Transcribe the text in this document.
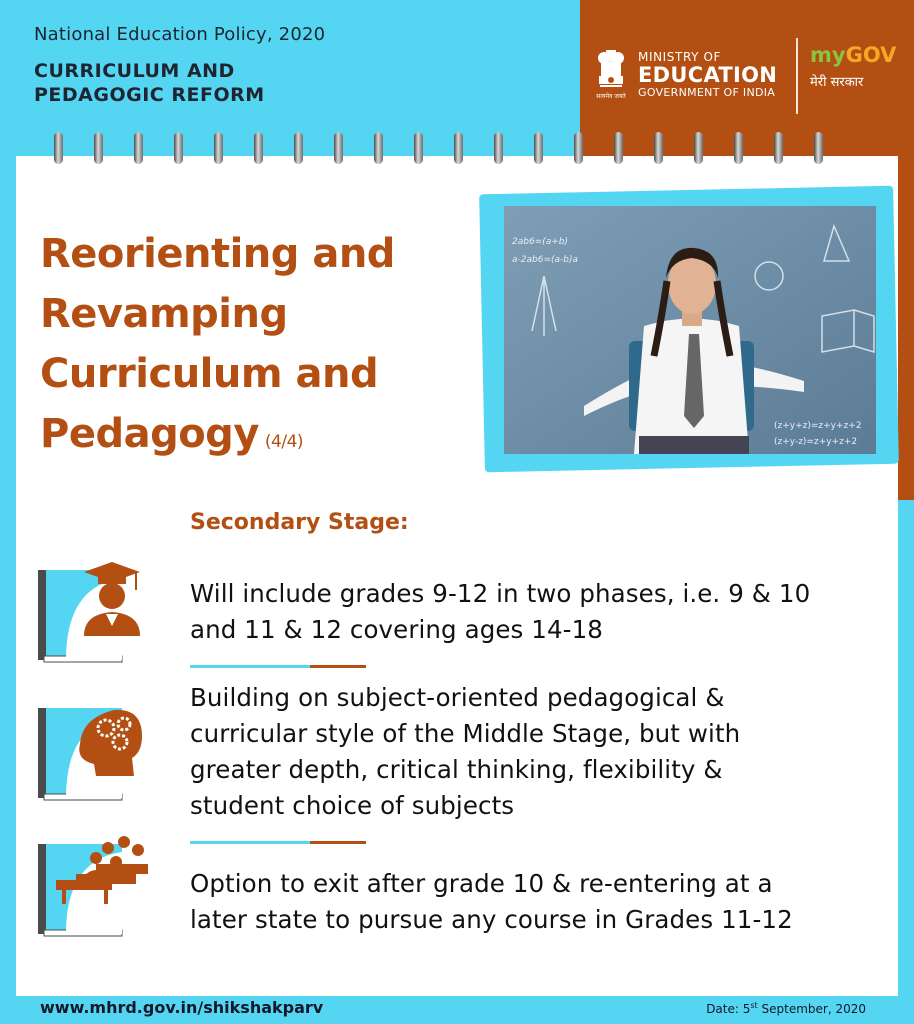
National Education Policy, 2020
CURRICULUM AND
PEDAGOGIC REFORM	सत्यमेव जयते
MINISTRY OF
EDUCATION
GOVERNMENT OF INDIA
myGOV
मेरी सरकार
Reorienting and
Revamping
Curriculum and
Pedagogy (4/4)
2ab6=(a+b)
a-2ab6=(a-b)a
(z+y+z)=z+y+z+2
(z+y-z)=z+y+z+2
Secondary Stage:
Will include grades 9-12 in two phases, i.e. 9 & 10
and 11 & 12 covering ages 14-18
Building on subject-oriented pedagogical &
curricular style of the Middle Stage, but with
greater depth, critical thinking, flexibility &
student choice of subjects
Option to exit after grade 10 & re-entering at a
later state to pursue any course in Grades 11-12
www.mhrd.gov.in/shikshakparv	Date: 5st September, 2020
